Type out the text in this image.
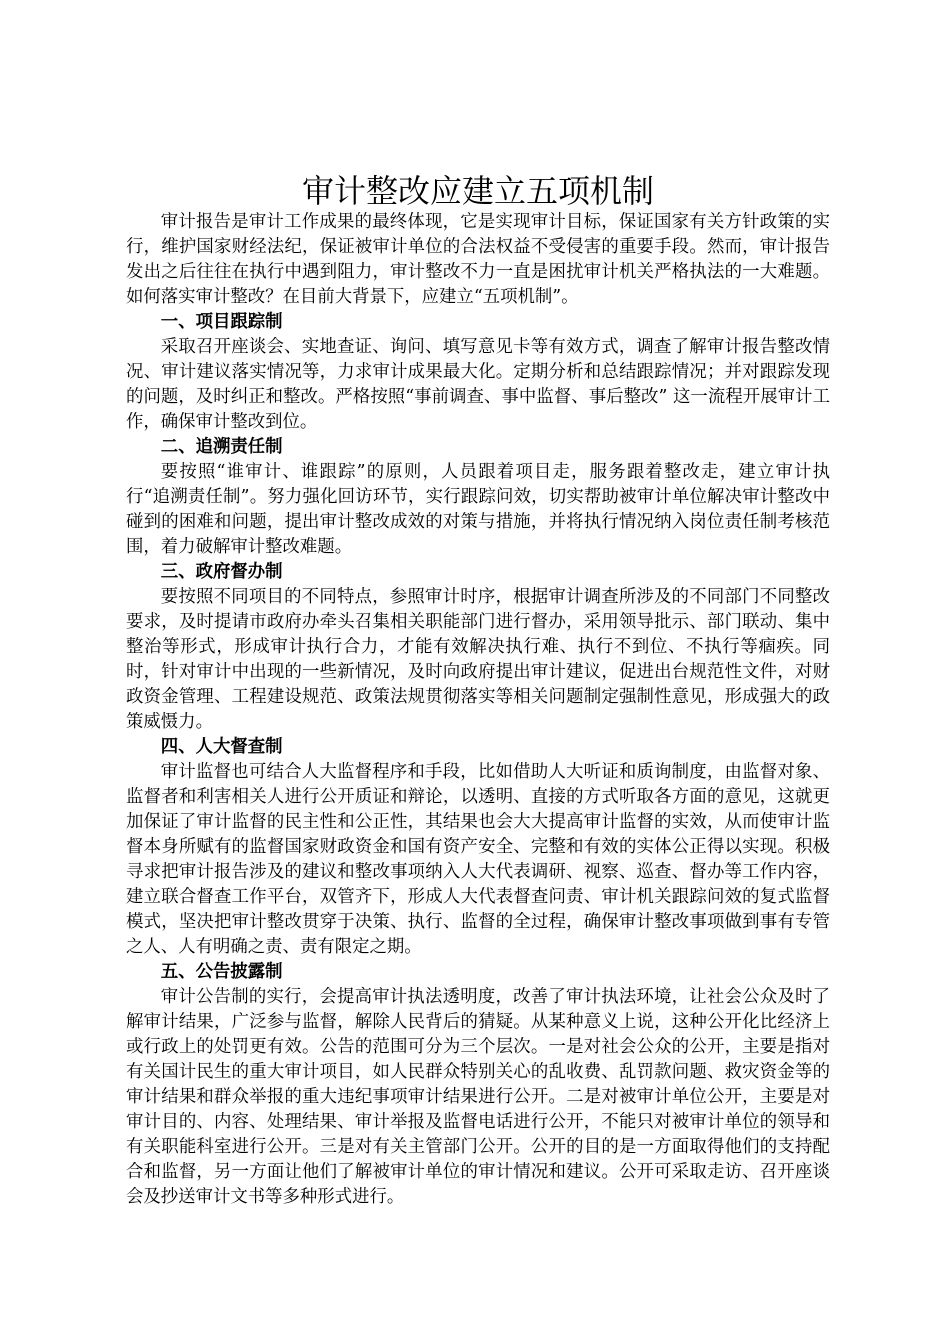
审计整改应建立五项机制

审计报告是审计工作成果的最终体现，它是实现审计目标，保证国家有关方针政策的实行，维护国家财经法纪，保证被审计单位的合法权益不受侵害的重要手段。然而，审计报告发出之后往往在执行中遇到阻力，审计整改不力一直是困扰审计机关严格执法的一大难题。如何落实审计整改？在目前大背景下，应建立“五项机制”。

一、项目跟踪制

采取召开座谈会、实地查证、询问、填写意见卡等有效方式，调查了解审计报告整改情况、审计建议落实情况等，力求审计成果最大化。定期分析和总结跟踪情况；并对跟踪发现的问题，及时纠正和整改。严格按照“事前调查、事中监督、事后整改” 这一流程开展审计工作，确保审计整改到位。

二、追溯责任制

要按照“谁审计、谁跟踪”的原则，人员跟着项目走，服务跟着整改走，建立审计执行“追溯责任制”。努力强化回访环节，实行跟踪问效，切实帮助被审计单位解决审计整改中碰到的困难和问题，提出审计整改成效的对策与措施，并将执行情况纳入岗位责任制考核范围，着力破解审计整改难题。

三、政府督办制

要按照不同项目的不同特点，参照审计时序，根据审计调查所涉及的不同部门不同整改要求，及时提请市政府办牵头召集相关职能部门进行督办，采用领导批示、部门联动、集中整治等形式，形成审计执行合力，才能有效解决执行难、执行不到位、不执行等痼疾。同时，针对审计中出现的一些新情况，及时向政府提出审计建议，促进出台规范性文件，对财政资金管理、工程建设规范、政策法规贯彻落实等相关问题制定强制性意见，形成强大的政策威慑力。

四、人大督查制

审计监督也可结合人大监督程序和手段，比如借助人大听证和质询制度，由监督对象、监督者和利害相关人进行公开质证和辩论，以透明、直接的方式听取各方面的意见，这就更加保证了审计监督的民主性和公正性，其结果也会大大提高审计监督的实效，从而使审计监督本身所赋有的监督国家财政资金和国有资产安全、完整和有效的实体公正得以实现。积极寻求把审计报告涉及的建议和整改事项纳入人大代表调研、视察、巡查、督办等工作内容，建立联合督查工作平台，双管齐下，形成人大代表督查问责、审计机关跟踪问效的复式监督模式，坚决把审计整改贯穿于决策、执行、监督的全过程，确保审计整改事项做到事有专管之人、人有明确之责、责有限定之期。

五、公告披露制

审计公告制的实行，会提高审计执法透明度，改善了审计执法环境，让社会公众及时了解审计结果，广泛参与监督，解除人民背后的猜疑。从某种意义上说，这种公开化比经济上或行政上的处罚更有效。公告的范围可分为三个层次。一是对社会公众的公开，主要是指对有关国计民生的重大审计项目，如人民群众特别关心的乱收费、乱罚款问题、救灾资金等的审计结果和群众举报的重大违纪事项审计结果进行公开。二是对被审计单位公开，主要是对审计目的、内容、处理结果、审计举报及监督电话进行公开，不能只对被审计单位的领导和有关职能科室进行公开。三是对有关主管部门公开。公开的目的是一方面取得他们的支持配合和监督，另一方面让他们了解被审计单位的审计情况和建议。公开可采取走访、召开座谈会及抄送审计文书等多种形式进行。
